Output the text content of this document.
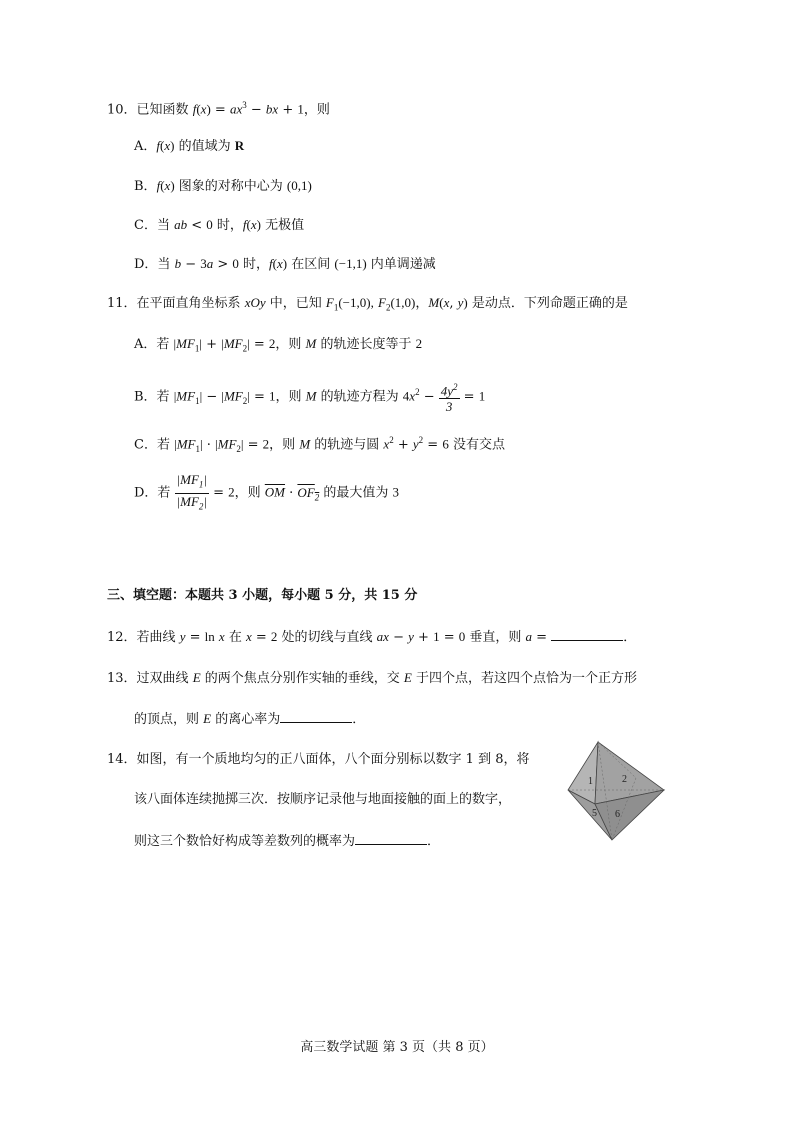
10．已知函数 $f(x) = ax^3$ − bx + 1，则
A．f(x) 的值域为 R
B．f(x) 图象的对称中心为 (0,1)
C．当 ab < 0 时，f(x) 无极值
D．当 b − 3a > 0 时，f(x) 在区间 (−1,1) 内单调递减
11．在平面直角坐标系 xOy 中，已知 $F_1(-1,0)$, $F_2(1,0)$，M(x, y) 是动点．下列命题正确的是
A．若 $|MF_1| + |MF_2| = 2$，则 M 的轨迹长度等于 2
B．若 $|MF_1| - |MF_2| = 1$，则 M 的轨迹方程为 $4x^2 - \frac{4y^2}{3} = 1$
C．若 $|MF_1| \cdot |MF_2| = 2$，则 M 的轨迹与圆 $x^2 + y^2 = 6$ 没有交点
D．若 $\frac{|MF_1|}{|MF_2|} = 2$，则 $\overline{OM} \cdot OF_2$ 的最大值为 3
三、填空题：本题共 3 小题，每小题 5 分，共 15 分
12．若曲线 y = ln x 在 x = 2 处的切线与直线 ax − y + 1 = 0 垂直，则 a =	．
13．过双曲线 E 的两个焦点分别作实轴的垂线，交 E 于四个点，若这四个点恰为一个正方形
的顶点，则 E 的离心率为	．
14．如图，有一个质地均匀的正八面体，八个面分别标以数字 1 到 8，将
该八面体连续抛掷三次．按顺序记录他与地面接触的面上的数字，
则这三个数恰好构成等差数列的概率为	．
1	2
5 6
高三数学试题 第 3 页（共 8 页）
